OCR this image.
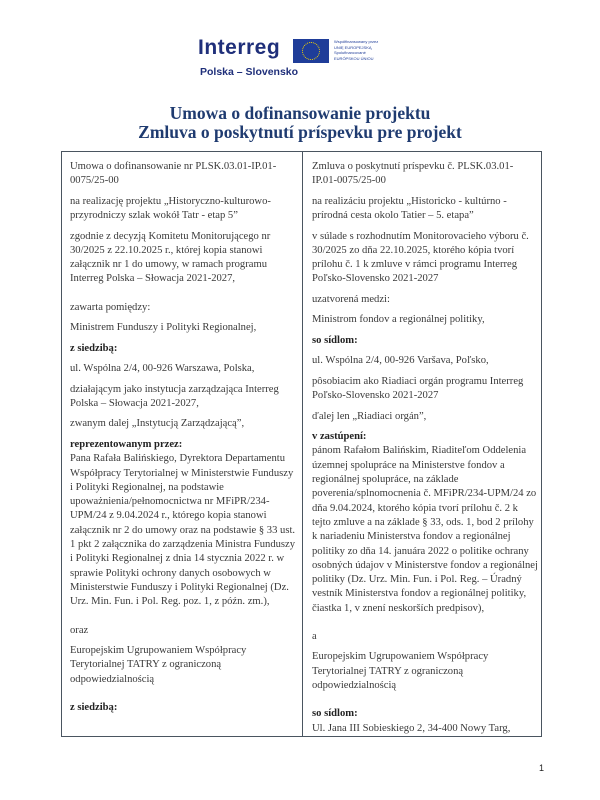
Interreg	Współfinansowany przez
UNIĘ EUROPEJSKĄ
Spolufinancované
EURÓPSKOU ÚNIOU
Polska – Slovensko
Umowa o dofinansowanie projektu
Zmluva o poskytnutí príspevku pre projekt

Umowa o dofinansowanie nr PLSK.03.01-IP.01-0075/25-00

na realizację projektu „Historyczno-kulturowo-przyrodniczy szlak wokół Tatr - etap 5”

zgodnie z decyzją Komitetu Monitorującego nr 30/2025 z 22.10.2025 r., której kopia stanowi załącznik nr 1 do umowy, w ramach programu Interreg Polska – Słowacja 2021-2027,

zawarta pomiędzy:

Ministrem Funduszy i Polityki Regionalnej,

z siedzibą:

ul. Wspólna 2/4, 00-926 Warszawa, Polska,

działającym jako instytucja zarządzająca Interreg Polska – Słowacja 2021-2027,

zwanym dalej „Instytucją Zarządzającą”,

reprezentowanym przez:

Pana Rafała Balińskiego, Dyrektora Departamentu Współpracy Terytorialnej w Ministerstwie Funduszy i Polityki Regionalnej, na podstawie upoważnienia/pełnomocnictwa nr MFiPR/234-UPM/24 z 9.04.2024 r., którego kopia stanowi załącznik nr 2 do umowy oraz na podstawie § 33 ust. 1 pkt 2 załącznika do zarządzenia Ministra Funduszy i Polityki Regionalnej z dnia 14 stycznia 2022 r. w sprawie Polityki ochrony danych osobowych w Ministerstwie Funduszy i Polityki Regionalnej (Dz. Urz. Min. Fun. i Pol. Reg. poz. 1, z późn. zm.),

oraz

Europejskim Ugrupowaniem Współpracy Terytorialnej TATRY z ograniczoną odpowiedzialnością

z siedzibą:

Zmluva o poskytnutí príspevku č. PLSK.03.01-IP.01-0075/25-00

na realizáciu projektu „Historicko - kultúrno - prírodná cesta okolo Tatier – 5. etapa”

v súlade s rozhodnutím Monitorovacieho výboru č. 30/2025 zo dňa 22.10.2025, ktorého kópia tvorí prílohu č. 1 k zmluve v rámci programu Interreg Poľsko-Slovensko 2021-2027

uzatvorená medzi:

Ministrom fondov a regionálnej politiky,

so sídlom:

ul. Wspólna 2/4, 00-926 Varšava, Poľsko,

pôsobiacim ako Riadiaci orgán programu Interreg Poľsko-Slovensko 2021-2027

ďalej len „Riadiaci orgán”,

v zastúpení:

pánom Rafałom Balińskim, Riaditeľom Oddelenia územnej spolupráce na Ministerstve fondov a regionálnej spolupráce, na základe poverenia/splnomocnenia č. MFiPR/234-UPM/24 zo dňa 9.04.2024, ktorého kópia tvorí prílohu č. 2 k tejto zmluve a na základe § 33, ods. 1, bod 2 prílohy k nariadeniu Ministerstva fondov a regionálnej politiky zo dňa 14. januára 2022 o politike ochrany osobných údajov v Ministerstve fondov a regionálnej politiky (Dz. Urz. Min. Fun. i Pol. Reg. – Úradný vestník Ministerstva fondov a regionálnej politiky, čiastka 1, v znení neskorších predpisov),

a

Europejskim Ugrupowaniem Współpracy Terytorialnej TATRY z ograniczoną odpowiedzialnością

so sídlom:

Ul. Jana III Sobieskiego 2, 34-400 Nowy Targ,

1
